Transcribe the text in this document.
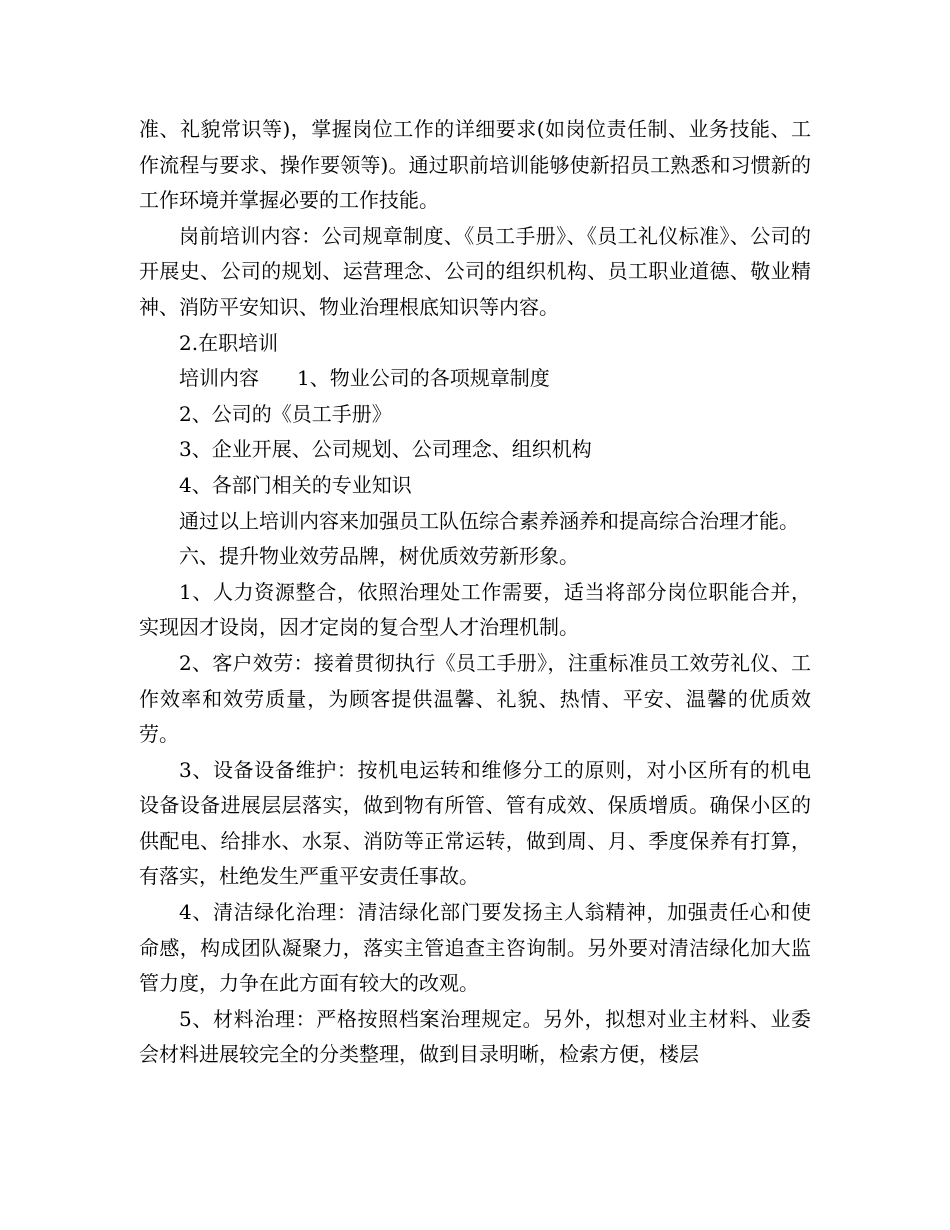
准、礼貌常识等)，掌握岗位工作的详细要求(如岗位责任制、业务技能、工作流程与要求、操作要领等)。通过职前培训能够使新招员工熟悉和习惯新的工作环境并掌握必要的工作技能。

岗前培训内容：公司规章制度、《员工手册》、《员工礼仪标准》、公司的开展史、公司的规划、运营理念、公司的组织机构、员工职业道德、敬业精神、消防平安知识、物业治理根底知识等内容。

2.在职培训

培训内容 1、物业公司的各项规章制度

2、公司的《员工手册》

3、企业开展、公司规划、公司理念、组织机构

4、各部门相关的专业知识

通过以上培训内容来加强员工队伍综合素养涵养和提高综合治理才能。

六、提升物业效劳品牌，树优质效劳新形象。

1、人力资源整合，依照治理处工作需要，适当将部分岗位职能合并，实现因才设岗，因才定岗的复合型人才治理机制。

2、客户效劳：接着贯彻执行《员工手册》，注重标准员工效劳礼仪、工作效率和效劳质量，为顾客提供温馨、礼貌、热情、平安、温馨的优质效劳。

3、设备设备维护：按机电运转和维修分工的原则，对小区所有的机电设备设备进展层层落实，做到物有所管、管有成效、保质增质。确保小区的供配电、给排水、水泵、消防等正常运转，做到周、月、季度保养有打算，有落实，杜绝发生严重平安责任事故。

4、清洁绿化治理：清洁绿化部门要发扬主人翁精神，加强责任心和使命感，构成团队凝聚力，落实主管追查主咨询制。另外要对清洁绿化加大监管力度，力争在此方面有较大的改观。

5、材料治理：严格按照档案治理规定。另外，拟想对业主材料、业委会材料进展较完全的分类整理，做到目录明晰，检索方便，楼层
